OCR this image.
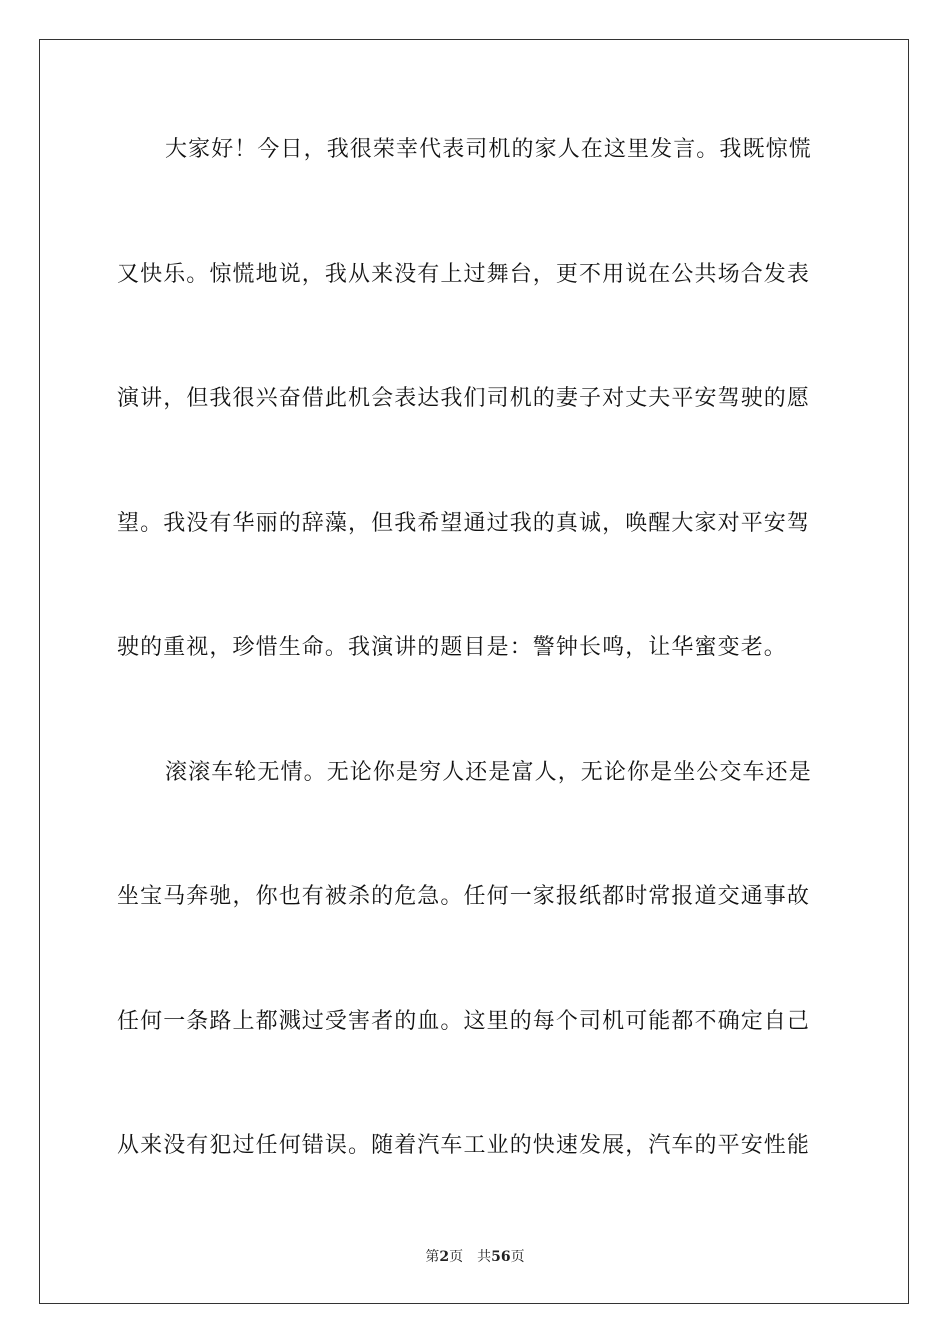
大家好！今日，我很荣幸代表司机的家人在这里发言。我既惊慌
又快乐。惊慌地说，我从来没有上过舞台，更不用说在公共场合发表
演讲，但我很兴奋借此机会表达我们司机的妻子对丈夫平安驾驶的愿
望。我没有华丽的辞藻，但我希望通过我的真诚，唤醒大家对平安驾
驶的重视，珍惜生命。我演讲的题目是：警钟长鸣，让华蜜变老。
滚滚车轮无情。无论你是穷人还是富人，无论你是坐公交车还是
坐宝马奔驰，你也有被杀的危急。任何一家报纸都时常报道交通事故
任何一条路上都溅过受害者的血。这里的每个司机可能都不确定自己
从来没有犯过任何错误。随着汽车工业的快速发展，汽车的平安性能
第2页 共56页
